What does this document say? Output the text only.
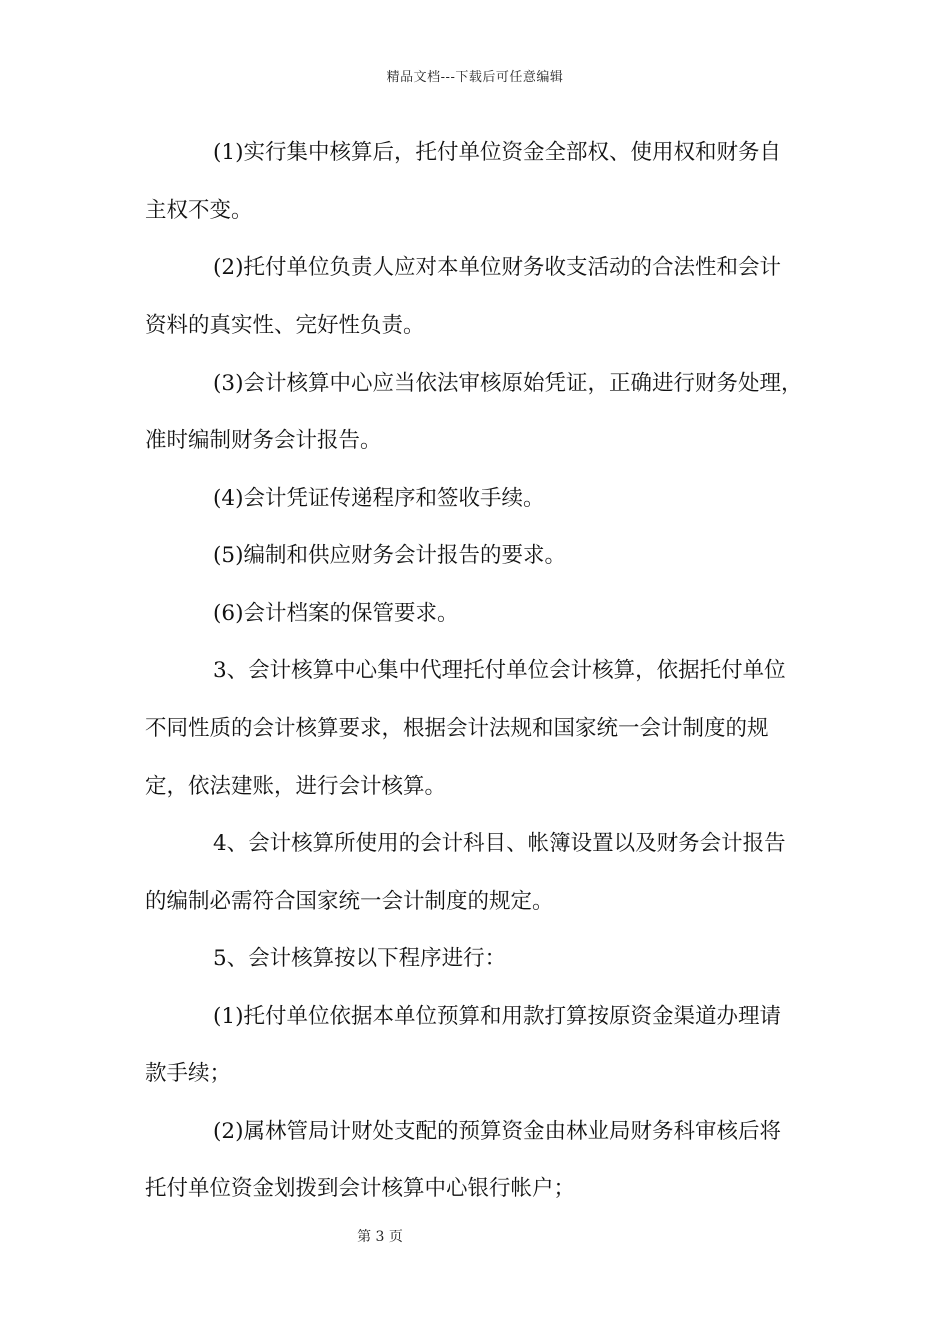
精品文档---下载后可任意编辑
(1)实行集中核算后，托付单位资金全部权、使用权和财务自
主权不变。
(2)托付单位负责人应对本单位财务收支活动的合法性和会计
资料的真实性、完好性负责。
(3)会计核算中心应当依法审核原始凭证，正确进行财务处理，
准时编制财务会计报告。
(4)会计凭证传递程序和签收手续。
(5)编制和供应财务会计报告的要求。
(6)会计档案的保管要求。
3、会计核算中心集中代理托付单位会计核算，依据托付单位
不同性质的会计核算要求，根据会计法规和国家统一会计制度的规
定，依法建账，进行会计核算。
4、会计核算所使用的会计科目、帐簿设置以及财务会计报告
的编制必需符合国家统一会计制度的规定。
5、会计核算按以下程序进行：
(1)托付单位依据本单位预算和用款打算按原资金渠道办理请
款手续；
(2)属林管局计财处支配的预算资金由林业局财务科审核后将
托付单位资金划拨到会计核算中心银行帐户；
第 3 页
